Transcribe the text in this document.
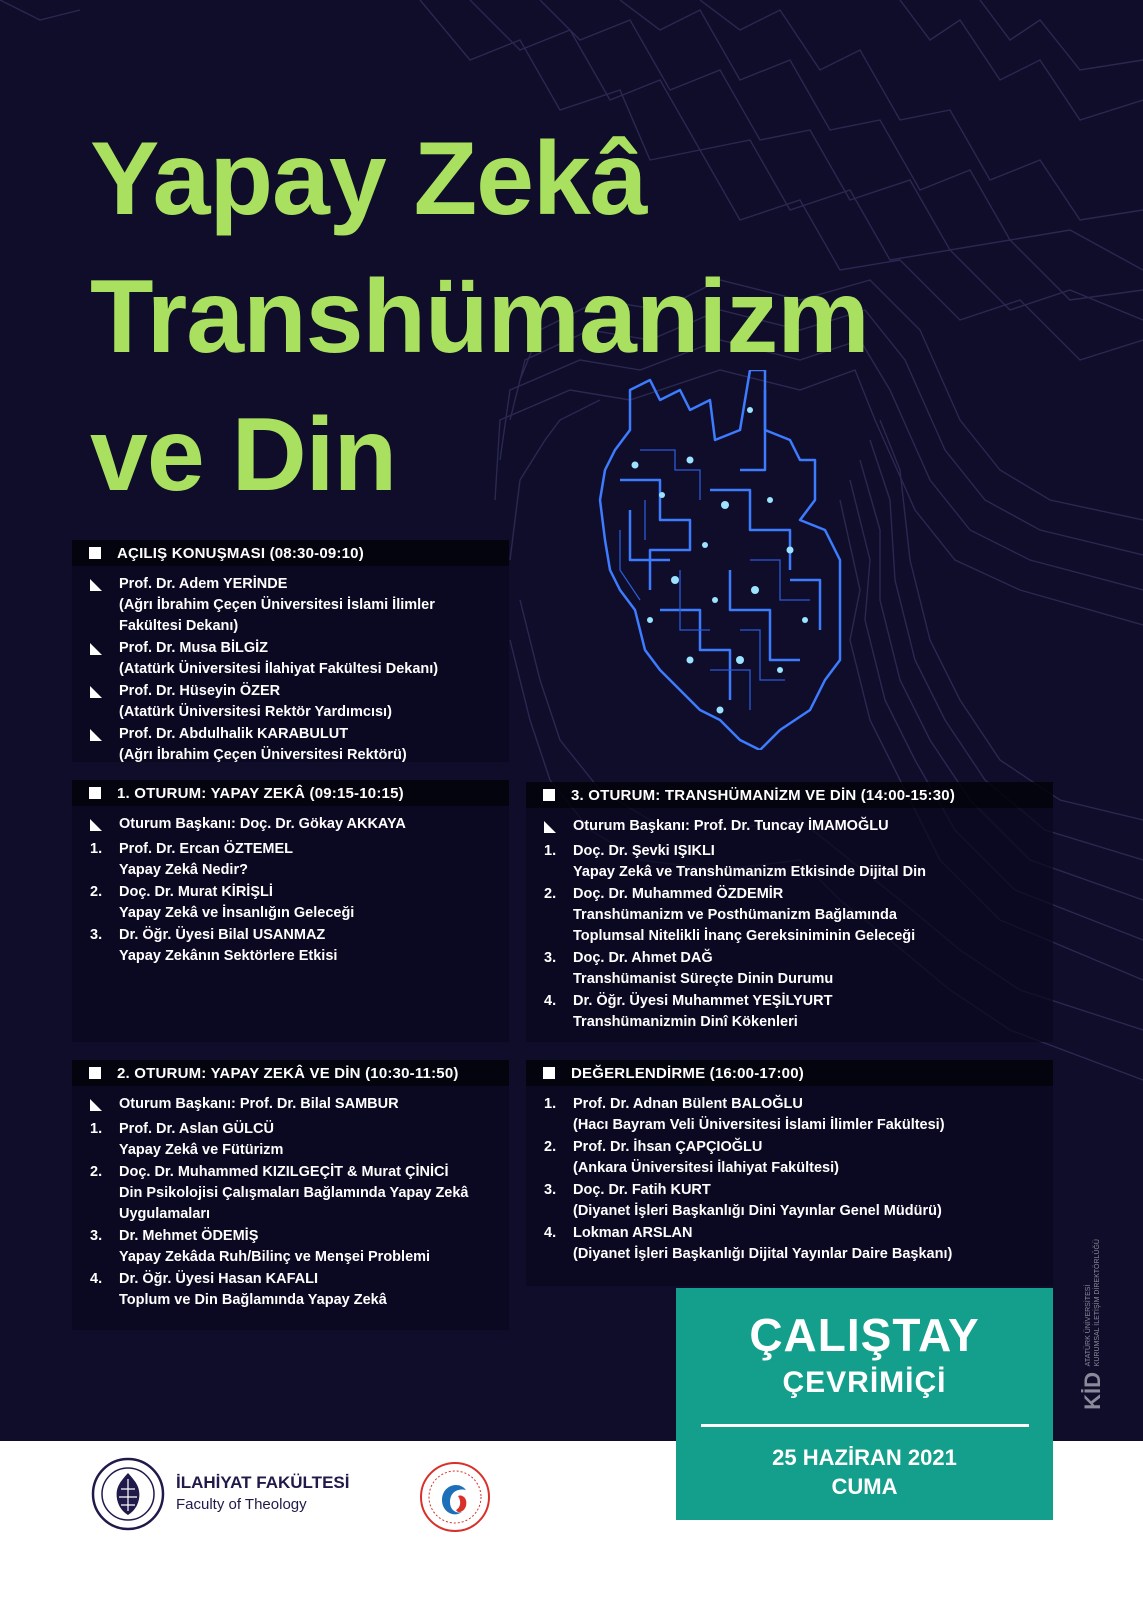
Yapay Zekâ
Transhümanizm
ve Din
AÇILIŞ KONUŞMASI (08:30-09:10)
Prof. Dr. Adem YERİNDE
(Ağrı İbrahim Çeçen Üniversitesi İslami İlimler
Fakültesi Dekanı)
Prof. Dr. Musa BİLGİZ
(Atatürk Üniversitesi İlahiyat Fakültesi Dekanı)
Prof. Dr. Hüseyin ÖZER
(Atatürk Üniversitesi Rektör Yardımcısı)
Prof. Dr. Abdulhalik KARABULUT
(Ağrı İbrahim Çeçen Üniversitesi Rektörü)
1. OTURUM: YAPAY ZEKÂ (09:15-10:15)
Oturum Başkanı: Doç. Dr. Gökay AKKAYA
1.	Prof. Dr. Ercan ÖZTEMEL
Yapay Zekâ Nedir?
2.	Doç. Dr. Murat KİRİŞLİ
Yapay Zekâ ve İnsanlığın Geleceği
3.	Dr. Öğr. Üyesi Bilal USANMAZ
Yapay Zekânın Sektörlere Etkisi
2. OTURUM: YAPAY ZEKÂ VE DİN (10:30-11:50)
Oturum Başkanı: Prof. Dr. Bilal SAMBUR
1.	Prof. Dr. Aslan GÜLCÜ
Yapay Zekâ ve Fütürizm
2.	Doç. Dr. Muhammed KIZILGEÇİT & Murat ÇİNİCİ
Din Psikolojisi Çalışmaları Bağlamında Yapay Zekâ
Uygulamaları
3.	Dr. Mehmet ÖDEMİŞ
Yapay Zekâda Ruh/Bilinç ve Menşei Problemi
4.	Dr. Öğr. Üyesi Hasan KAFALI
Toplum ve Din Bağlamında Yapay Zekâ
3. OTURUM: TRANSHÜMANİZM VE DİN (14:00-15:30)
Oturum Başkanı: Prof. Dr. Tuncay İMAMOĞLU
1.	Doç. Dr. Şevki IŞIKLI
Yapay Zekâ ve Transhümanizm Etkisinde Dijital Din
2.	Doç. Dr. Muhammed ÖZDEMİR
Transhümanizm ve Posthümanizm Bağlamında
Toplumsal Nitelikli İnanç Gereksiniminin Geleceği
3.	Doç. Dr. Ahmet DAĞ
Transhümanist Süreçte Dinin Durumu
4.	Dr. Öğr. Üyesi Muhammet YEŞİLYURT
Transhümanizmin Dinî Kökenleri
DEĞERLENDİRME (16:00-17:00)
1.	Prof. Dr. Adnan Bülent BALOĞLU
(Hacı Bayram Veli Üniversitesi İslami İlimler Fakültesi)
2.	Prof. Dr. İhsan ÇAPÇIOĞLU
(Ankara Üniversitesi İlahiyat Fakültesi)
3.	Doç. Dr. Fatih KURT
(Diyanet İşleri Başkanlığı Dini Yayınlar Genel Müdürü)
4.	Lokman ARSLAN
(Diyanet İşleri Başkanlığı Dijital Yayınlar Daire Başkanı)
İLAHİYAT FAKÜLTESİ
Faculty of Theology
ÇALIŞTAY
ÇEVRİMİÇİ
25 HAZİRAN 2021
CUMA
ATATÜRK ÜNİVERSİTESİ KURUMSAL İLETİŞİM DİREKTÖRLÜĞÜ
KİD
